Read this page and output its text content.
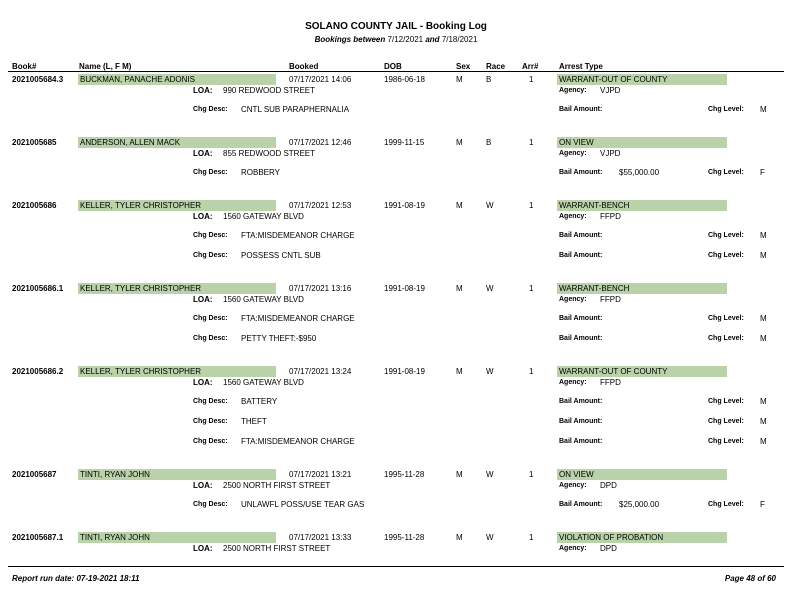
SOLANO COUNTY JAIL - Booking Log
Bookings between 7/12/2021 and 7/18/2021
Book#	Name (L, F M)	Booked	DOB	Sex Race Arr#	Arrest Type
2021005684.3 BUCKMAN, PANACHE ADONIS	07/17/2021 14:06	1986-06-18	M	B	1	WARRANT-OUT OF COUNTY
LOA: 990 REDWOOD STREET	Agency: VJPD
Chg Desc: CNTL SUB PARAPHERNALIA	Bail Amount:	Chg Level: M
2021005685	ANDERSON, ALLEN MACK	07/17/2021 12:46	1999-11-15	M	B	1	ON VIEW
LOA: 855 REDWOOD STREET	Agency: VJPD
Chg Desc: ROBBERY	Bail Amount: $55,000.00	Chg Level: F
2021005686	KELLER, TYLER CHRISTOPHER	07/17/2021 12:53	1991-08-19	M	W	1	WARRANT-BENCH
LOA: 1560 GATEWAY BLVD	Agency: FFPD
Chg Desc: FTA:MISDEMEANOR CHARGE	Bail Amount:	Chg Level: M
Chg Desc: POSSESS CNTL SUB	Bail Amount:	Chg Level: M
2021005686.1 KELLER, TYLER CHRISTOPHER	07/17/2021 13:16	1991-08-19	M	W	1	WARRANT-BENCH
LOA: 1560 GATEWAY BLVD	Agency: FFPD
Chg Desc: FTA:MISDEMEANOR CHARGE	Bail Amount:	Chg Level: M
Chg Desc: PETTY THEFT:-$950	Bail Amount:	Chg Level: M
2021005686.2 KELLER, TYLER CHRISTOPHER	07/17/2021 13:24	1991-08-19	M	W	1	WARRANT-OUT OF COUNTY
LOA: 1560 GATEWAY BLVD	Agency: FFPD
Chg Desc: BATTERY	Bail Amount:	Chg Level: M
Chg Desc: THEFT	Bail Amount:	Chg Level: M
Chg Desc: FTA:MISDEMEANOR CHARGE	Bail Amount:	Chg Level: M
2021005687	TINTI, RYAN JOHN	07/17/2021 13:21	1995-11-28	M	W	1	ON VIEW
LOA: 2500 NORTH FIRST STREET	Agency: DPD
Chg Desc: UNLAWFL POSS/USE TEAR GAS	Bail Amount: $25,000.00	Chg Level: F
2021005687.1 TINTI, RYAN JOHN	07/17/2021 13:33	1995-11-28	M	W	1	VIOLATION OF PROBATION
LOA: 2500 NORTH FIRST STREET	Agency: DPD
Report run date: 07-19-2021 18:11	Page 48 of 60
